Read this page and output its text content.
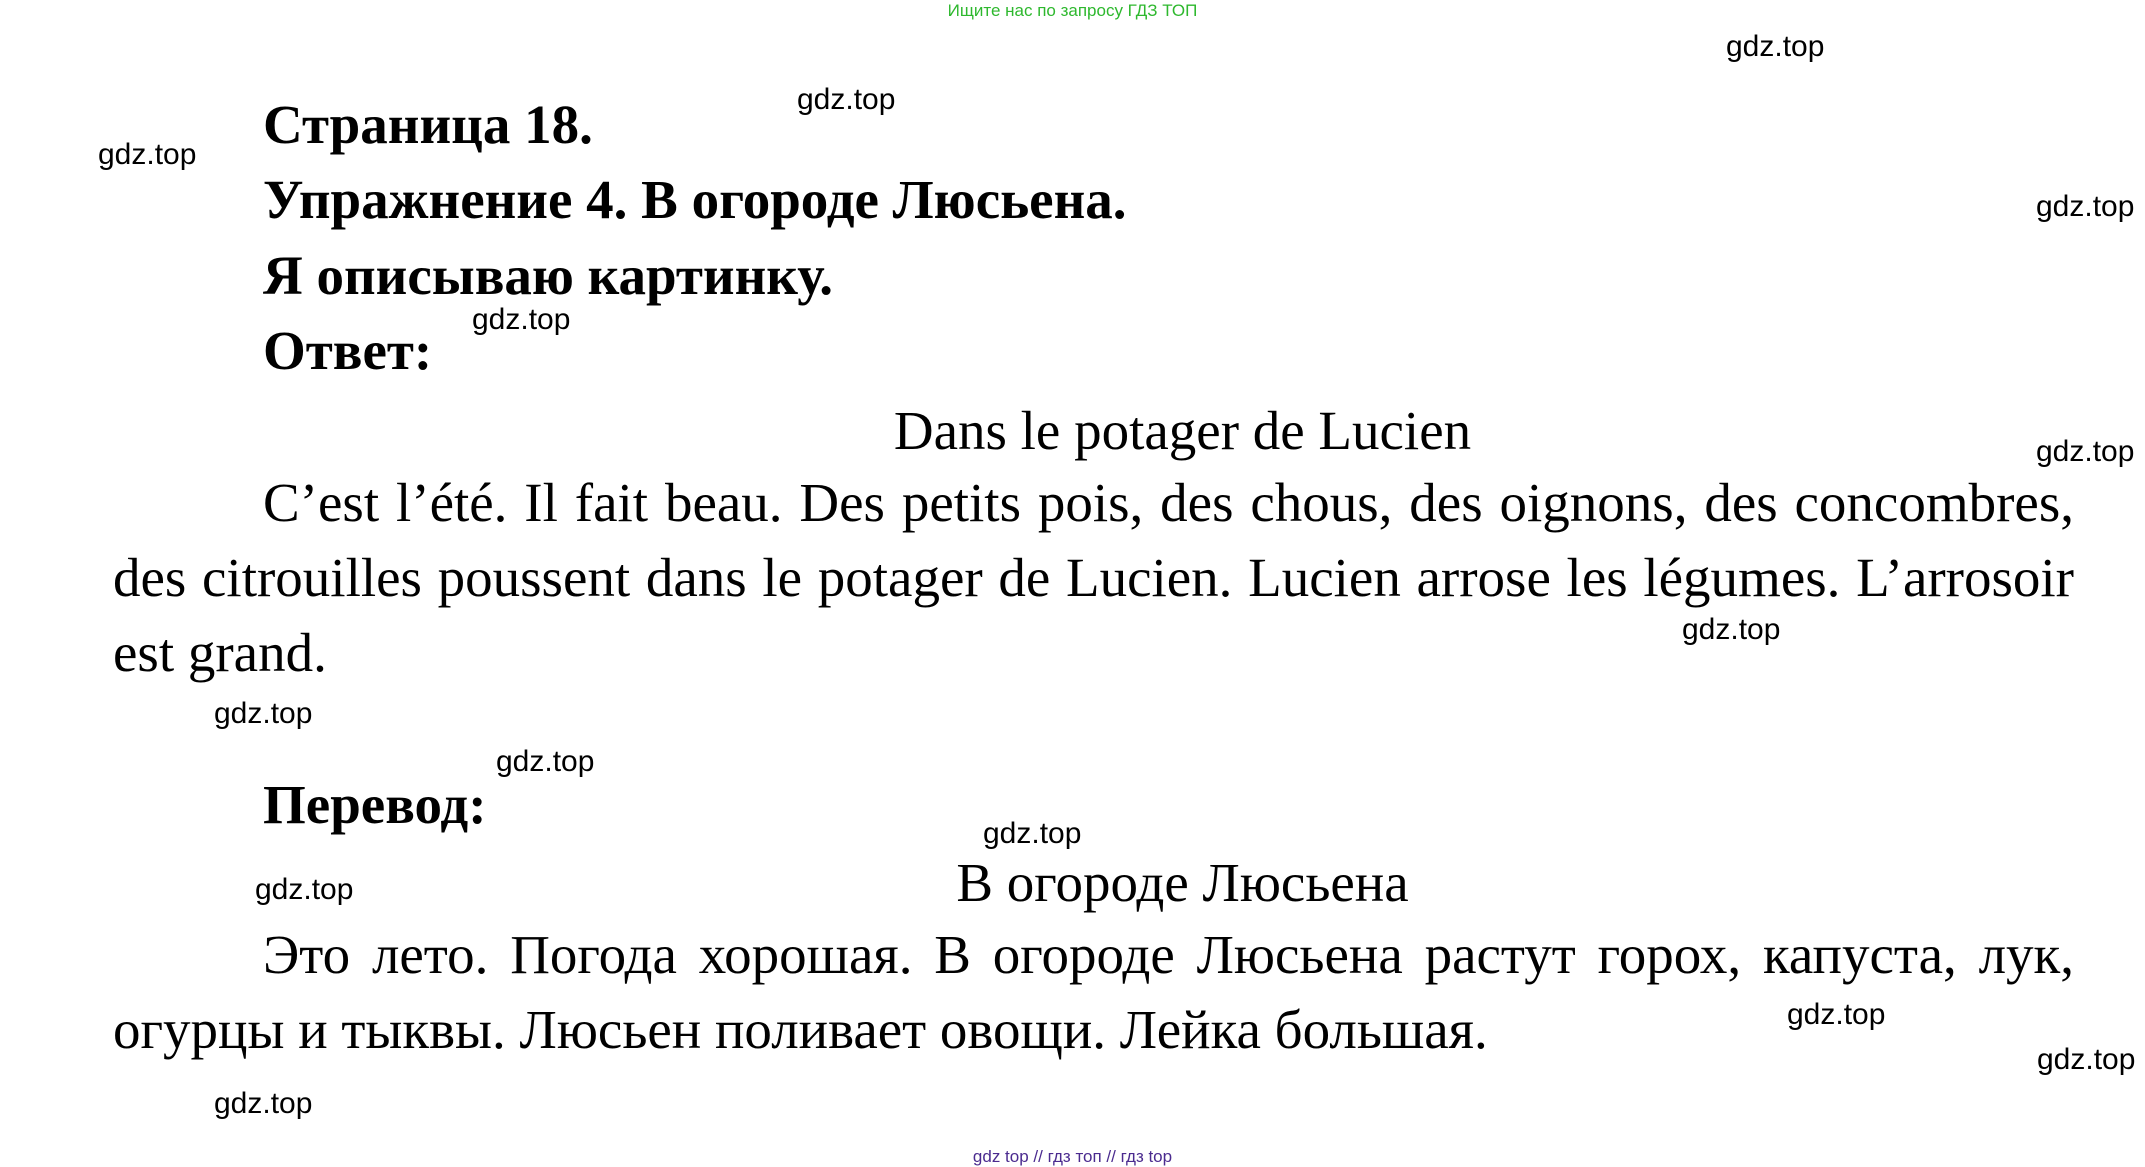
Ищите нас по запросу ГДЗ ТОП
Страница 18.
Упражнение 4. В огороде Люсьена.
Я описываю картинку.
Ответ:
Dans le potager de Lucien

C’est l’été. Il fait beau. Des petits pois, des chous, des oignons, des concombres, des citrouilles poussent dans le potager de Lucien. Lucien arrose les légumes. L’arrosoir est grand.

Перевод:
В огороде Люсьена

Это лето. Погода хорошая. В огороде Люсьена растут горох, капуста, лук, огурцы и тыквы. Люсьен поливает овощи. Лейка большая.

gdz.top
gdz.top
gdz.top
gdz.top
gdz.top
gdz.top
gdz.top
gdz.top
gdz.top
gdz.top
gdz.top
gdz.top
gdz.top
gdz.top
gdz top // гдз топ // гдз top
